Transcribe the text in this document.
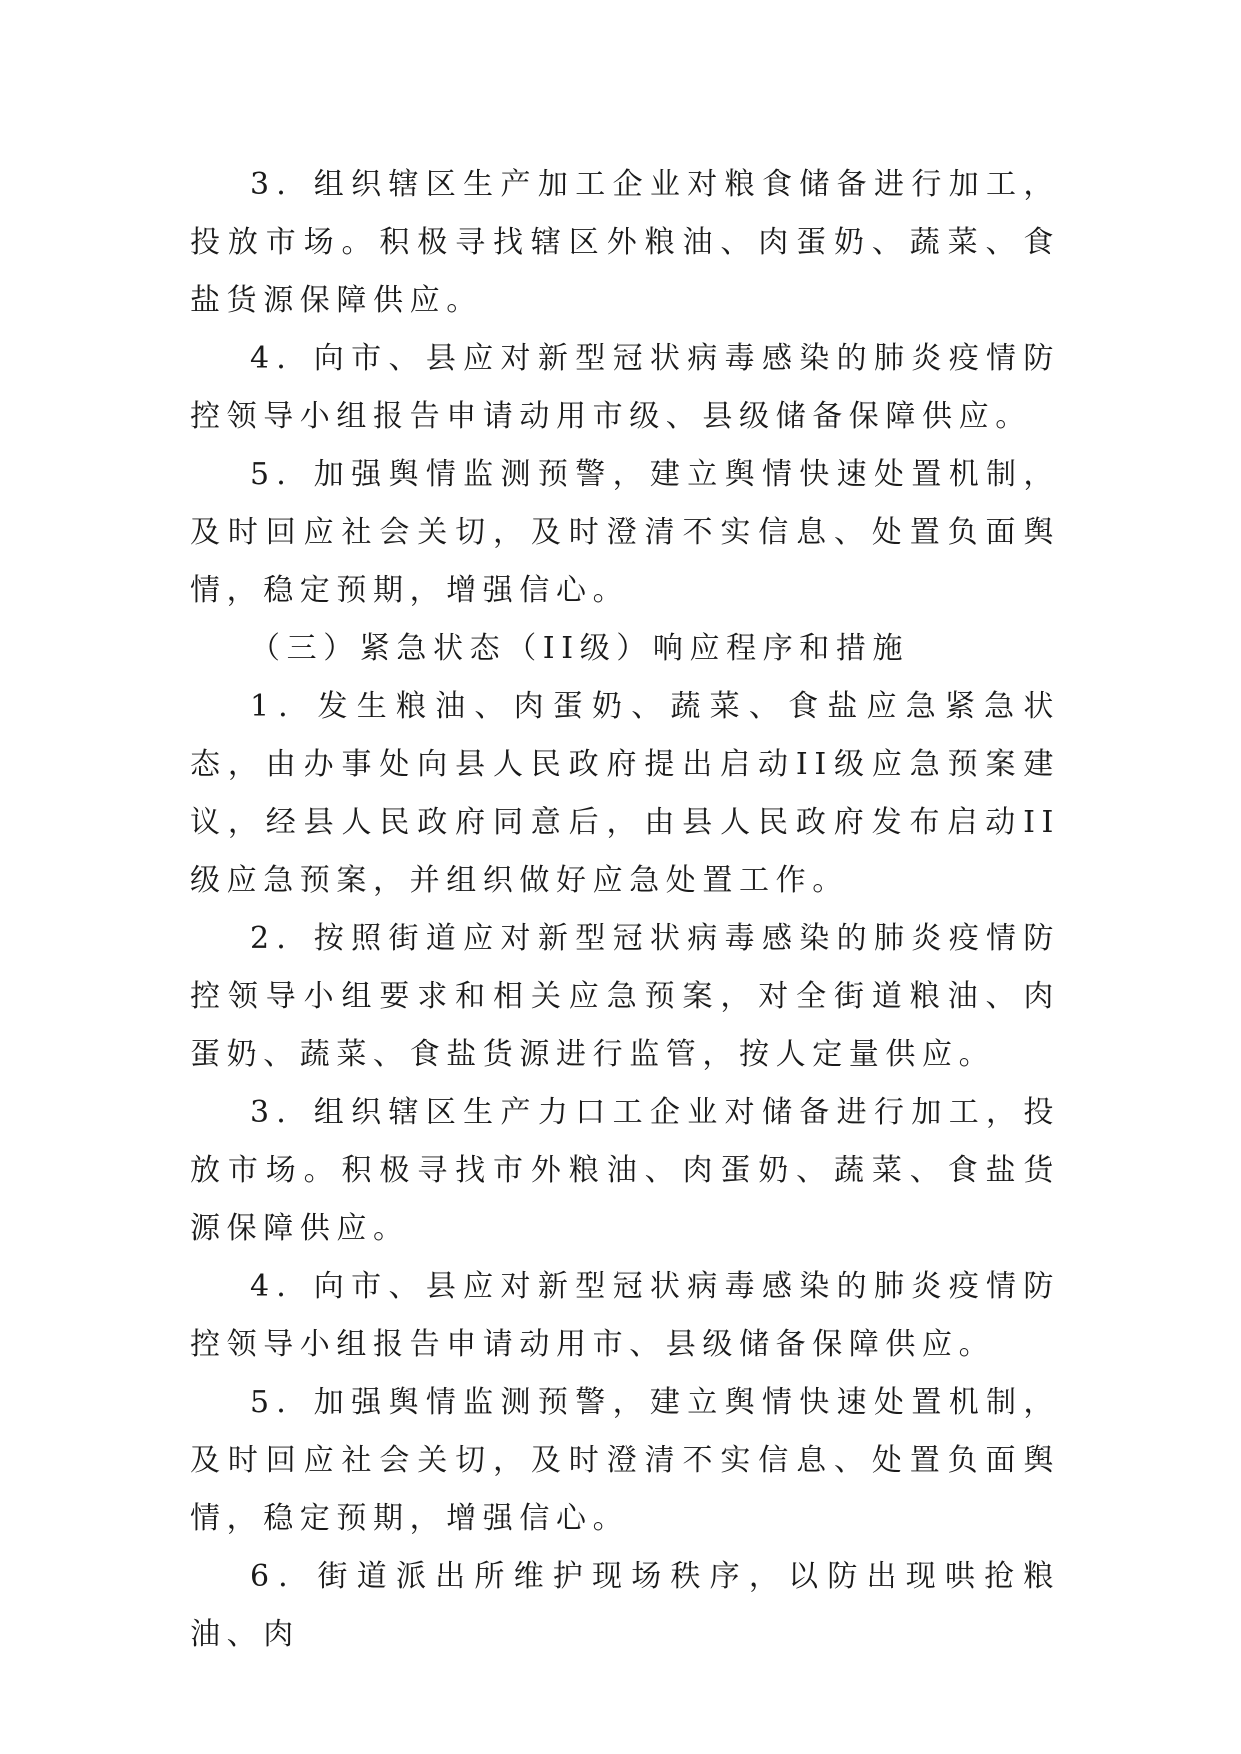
3．组织辖区生产加工企业对粮食储备进行加工，投放市场。积极寻找辖区外粮油、肉蛋奶、蔬菜、食盐货源保障供应。

4．向市、县应对新型冠状病毒感染的肺炎疫情防控领导小组报告申请动用市级、县级储备保障供应。

5．加强舆情监测预警，建立舆情快速处置机制，及时回应社会关切，及时澄清不实信息、处置负面舆情，稳定预期，增强信心。

（三）紧急状态（II级）响应程序和措施

1．发生粮油、肉蛋奶、蔬菜、食盐应急紧急状态，由办事处向县人民政府提出启动II级应急预案建议，经县人民政府同意后，由县人民政府发布启动II级应急预案，并组织做好应急处置工作。

2．按照街道应对新型冠状病毒感染的肺炎疫情防控领导小组要求和相关应急预案，对全街道粮油、肉蛋奶、蔬菜、食盐货源进行监管，按人定量供应。

3．组织辖区生产力口工企业对储备进行加工，投放市场。积极寻找市外粮油、肉蛋奶、蔬菜、食盐货源保障供应。

4．向市、县应对新型冠状病毒感染的肺炎疫情防控领导小组报告申请动用市、县级储备保障供应。

5．加强舆情监测预警，建立舆情快速处置机制，及时回应社会关切，及时澄清不实信息、处置负面舆情，稳定预期，增强信心。

6．街道派出所维护现场秩序，以防出现哄抢粮油、肉
